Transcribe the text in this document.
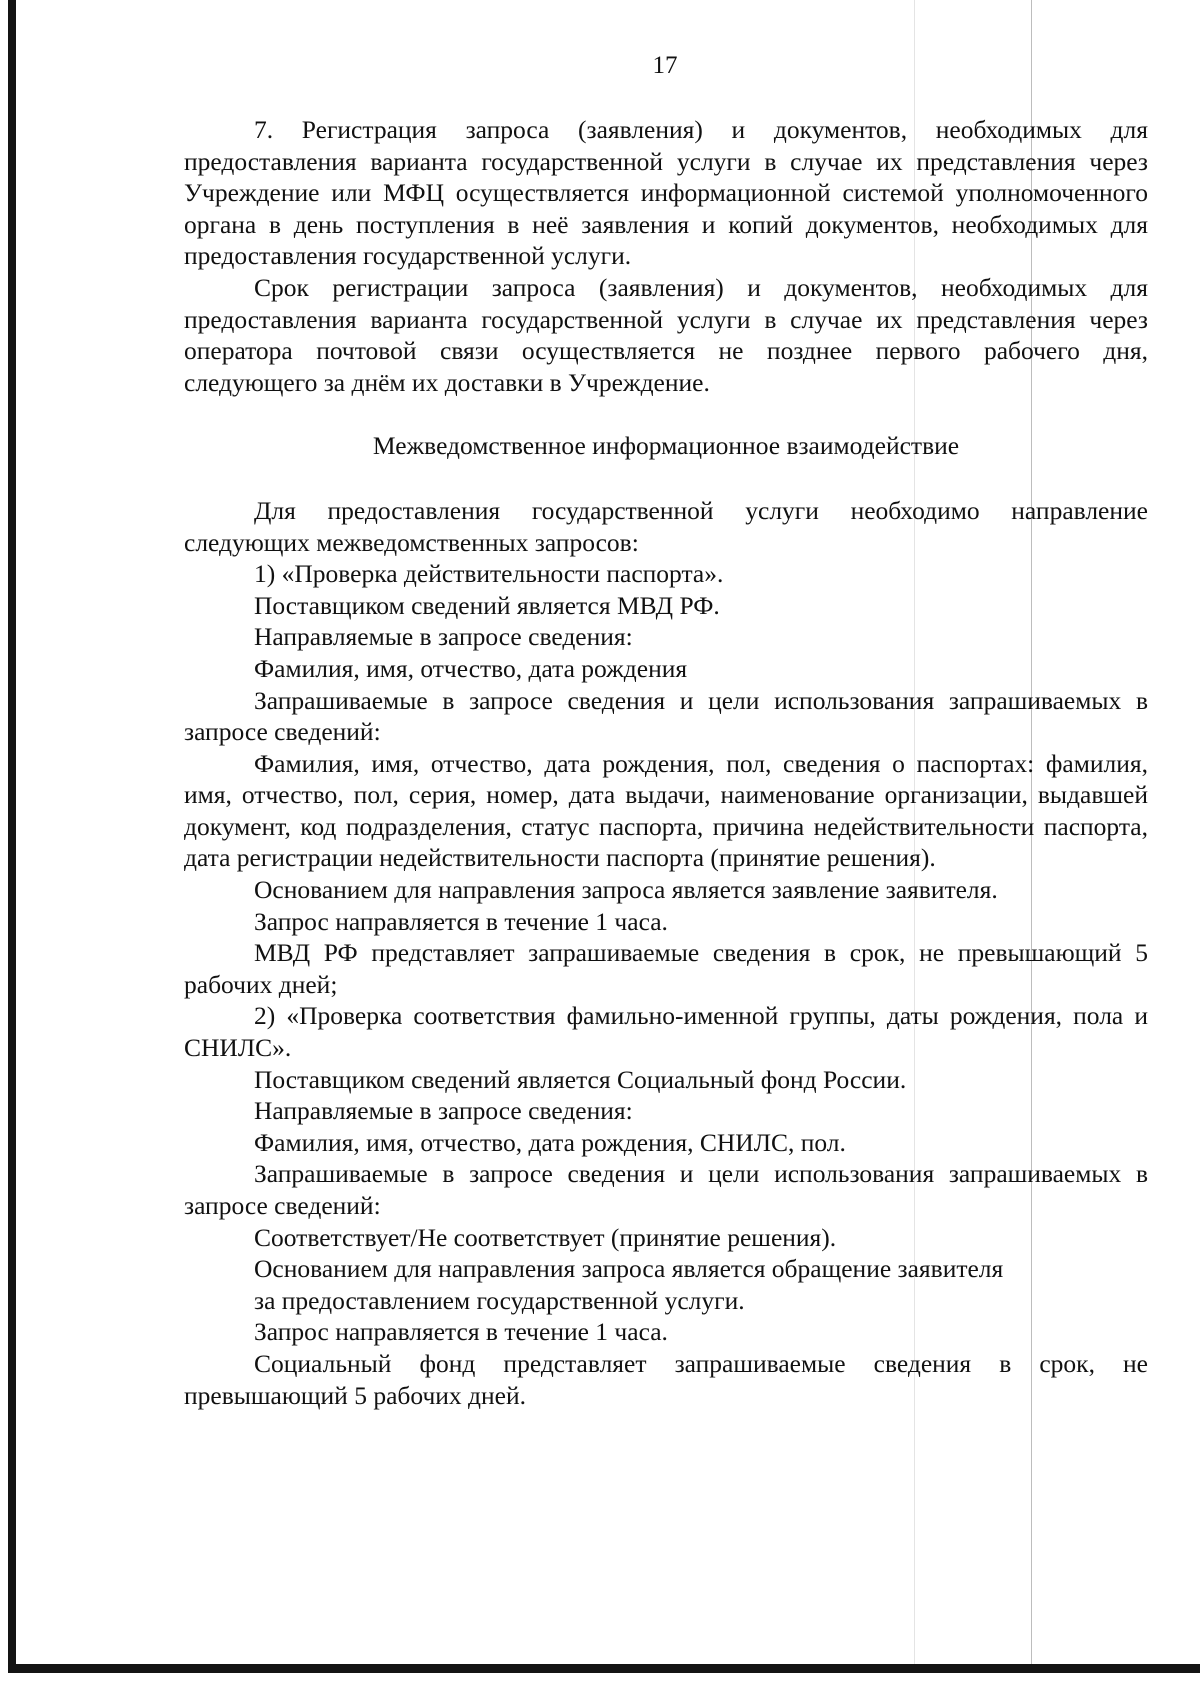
17

7. Регистрация запроса (заявления) и документов, необходимых для предоставления варианта государственной услуги в случае их представления через Учреждение или МФЦ осуществляется информационной системой уполномоченного органа в день поступления в неё заявления и копий документов, необходимых для предоставления государственной услуги.

Срок регистрации запроса (заявления) и документов, необходимых для предоставления варианта государственной услуги в случае их представления через оператора почтовой связи осуществляется не позднее первого рабочего дня, следующего за днём их доставки в Учреждение.

Межведомственное информационное взаимодействие

Для предоставления государственной услуги необходимо направление следующих межведомственных запросов:

1) «Проверка действительности паспорта».

Поставщиком сведений является МВД РФ.

Направляемые в запросе сведения:

Фамилия, имя, отчество, дата рождения

Запрашиваемые в запросе сведения и цели использования запрашиваемых в запросе сведений:

Фамилия, имя, отчество, дата рождения, пол, сведения о паспортах: фамилия, имя, отчество, пол, серия, номер, дата выдачи, наименование организации, выдавшей документ, код подразделения, статус паспорта, причина недействительности паспорта, дата регистрации недействительности паспорта (принятие решения).

Основанием для направления запроса является заявление заявителя.

Запрос направляется в течение 1 часа.

МВД РФ представляет запрашиваемые сведения в срок, не превышающий 5 рабочих дней;

2) «Проверка соответствия фамильно-именной группы, даты рождения, пола и СНИЛС».

Поставщиком сведений является Социальный фонд России.

Направляемые в запросе сведения:

Фамилия, имя, отчество, дата рождения, СНИЛС, пол.

Запрашиваемые в запросе сведения и цели использования запрашиваемых в запросе сведений:

Соответствует/Не соответствует (принятие решения).

Основанием для направления запроса является обращение заявителя

за предоставлением государственной услуги.

Запрос направляется в течение 1 часа.

Социальный фонд представляет запрашиваемые сведения в срок, не превышающий 5 рабочих дней.
